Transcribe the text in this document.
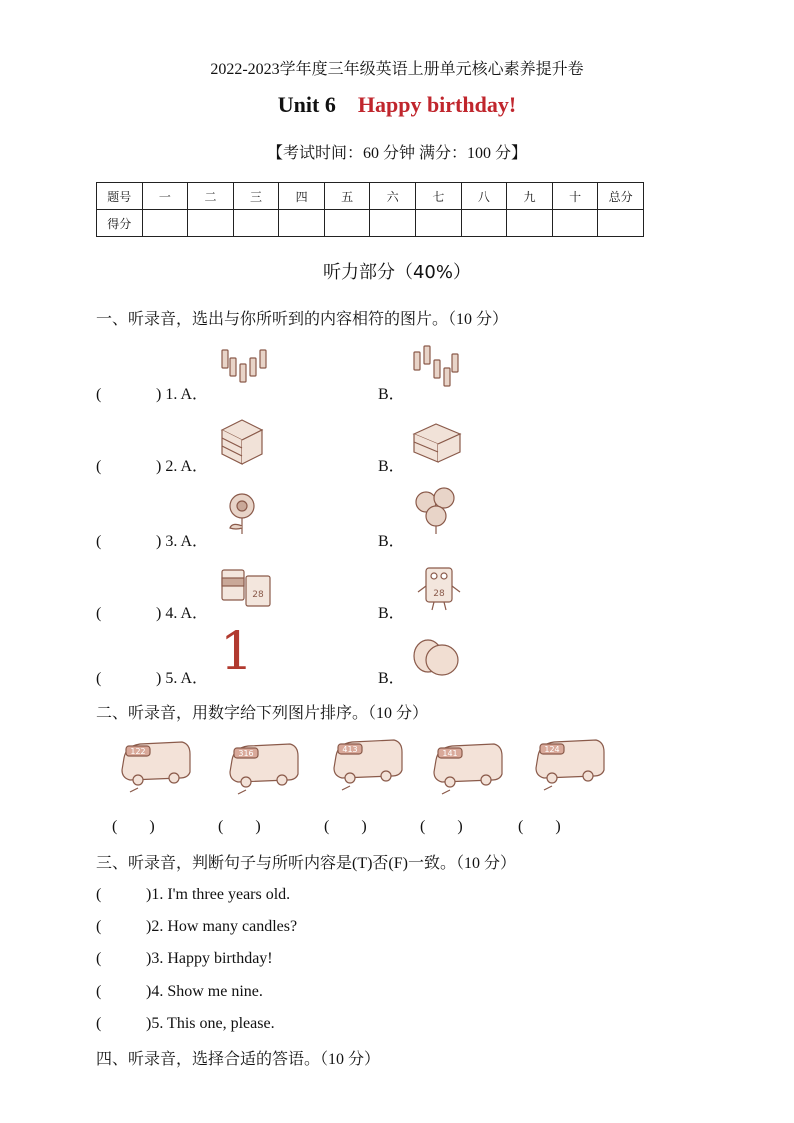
2022-2023学年度三年级英语上册单元核心素养提升卷
Unit 6 Happy birthday!
【考试时间：60 分钟 满分：100 分】
题号	一	二	三	四	五	六	七	八	九	十	总分
得分											
听力部分（40%）
一、听录音，选出与你所听到的内容相符的图片。（10 分）
(	) 1. A．	B．
(	) 2. A．	B．
(	) 3. A．	B．
(	) 4. A．	B．
28	28
(	) 5. A．	B．
1
二、听录音，用数字给下列图片排序。（10 分）
122	316	413	141	124
(        )	(        )	(        )	(        )	(        )
三、听录音，判断句子与所听内容是(T)否(F)一致。（10 分）
(	)1. I'm three years old.
(	)2. How many candles?
(	)3. Happy birthday!
(	)4. Show me nine.
(	)5. This one, please.
四、听录音，选择合适的答语。（10 分）
